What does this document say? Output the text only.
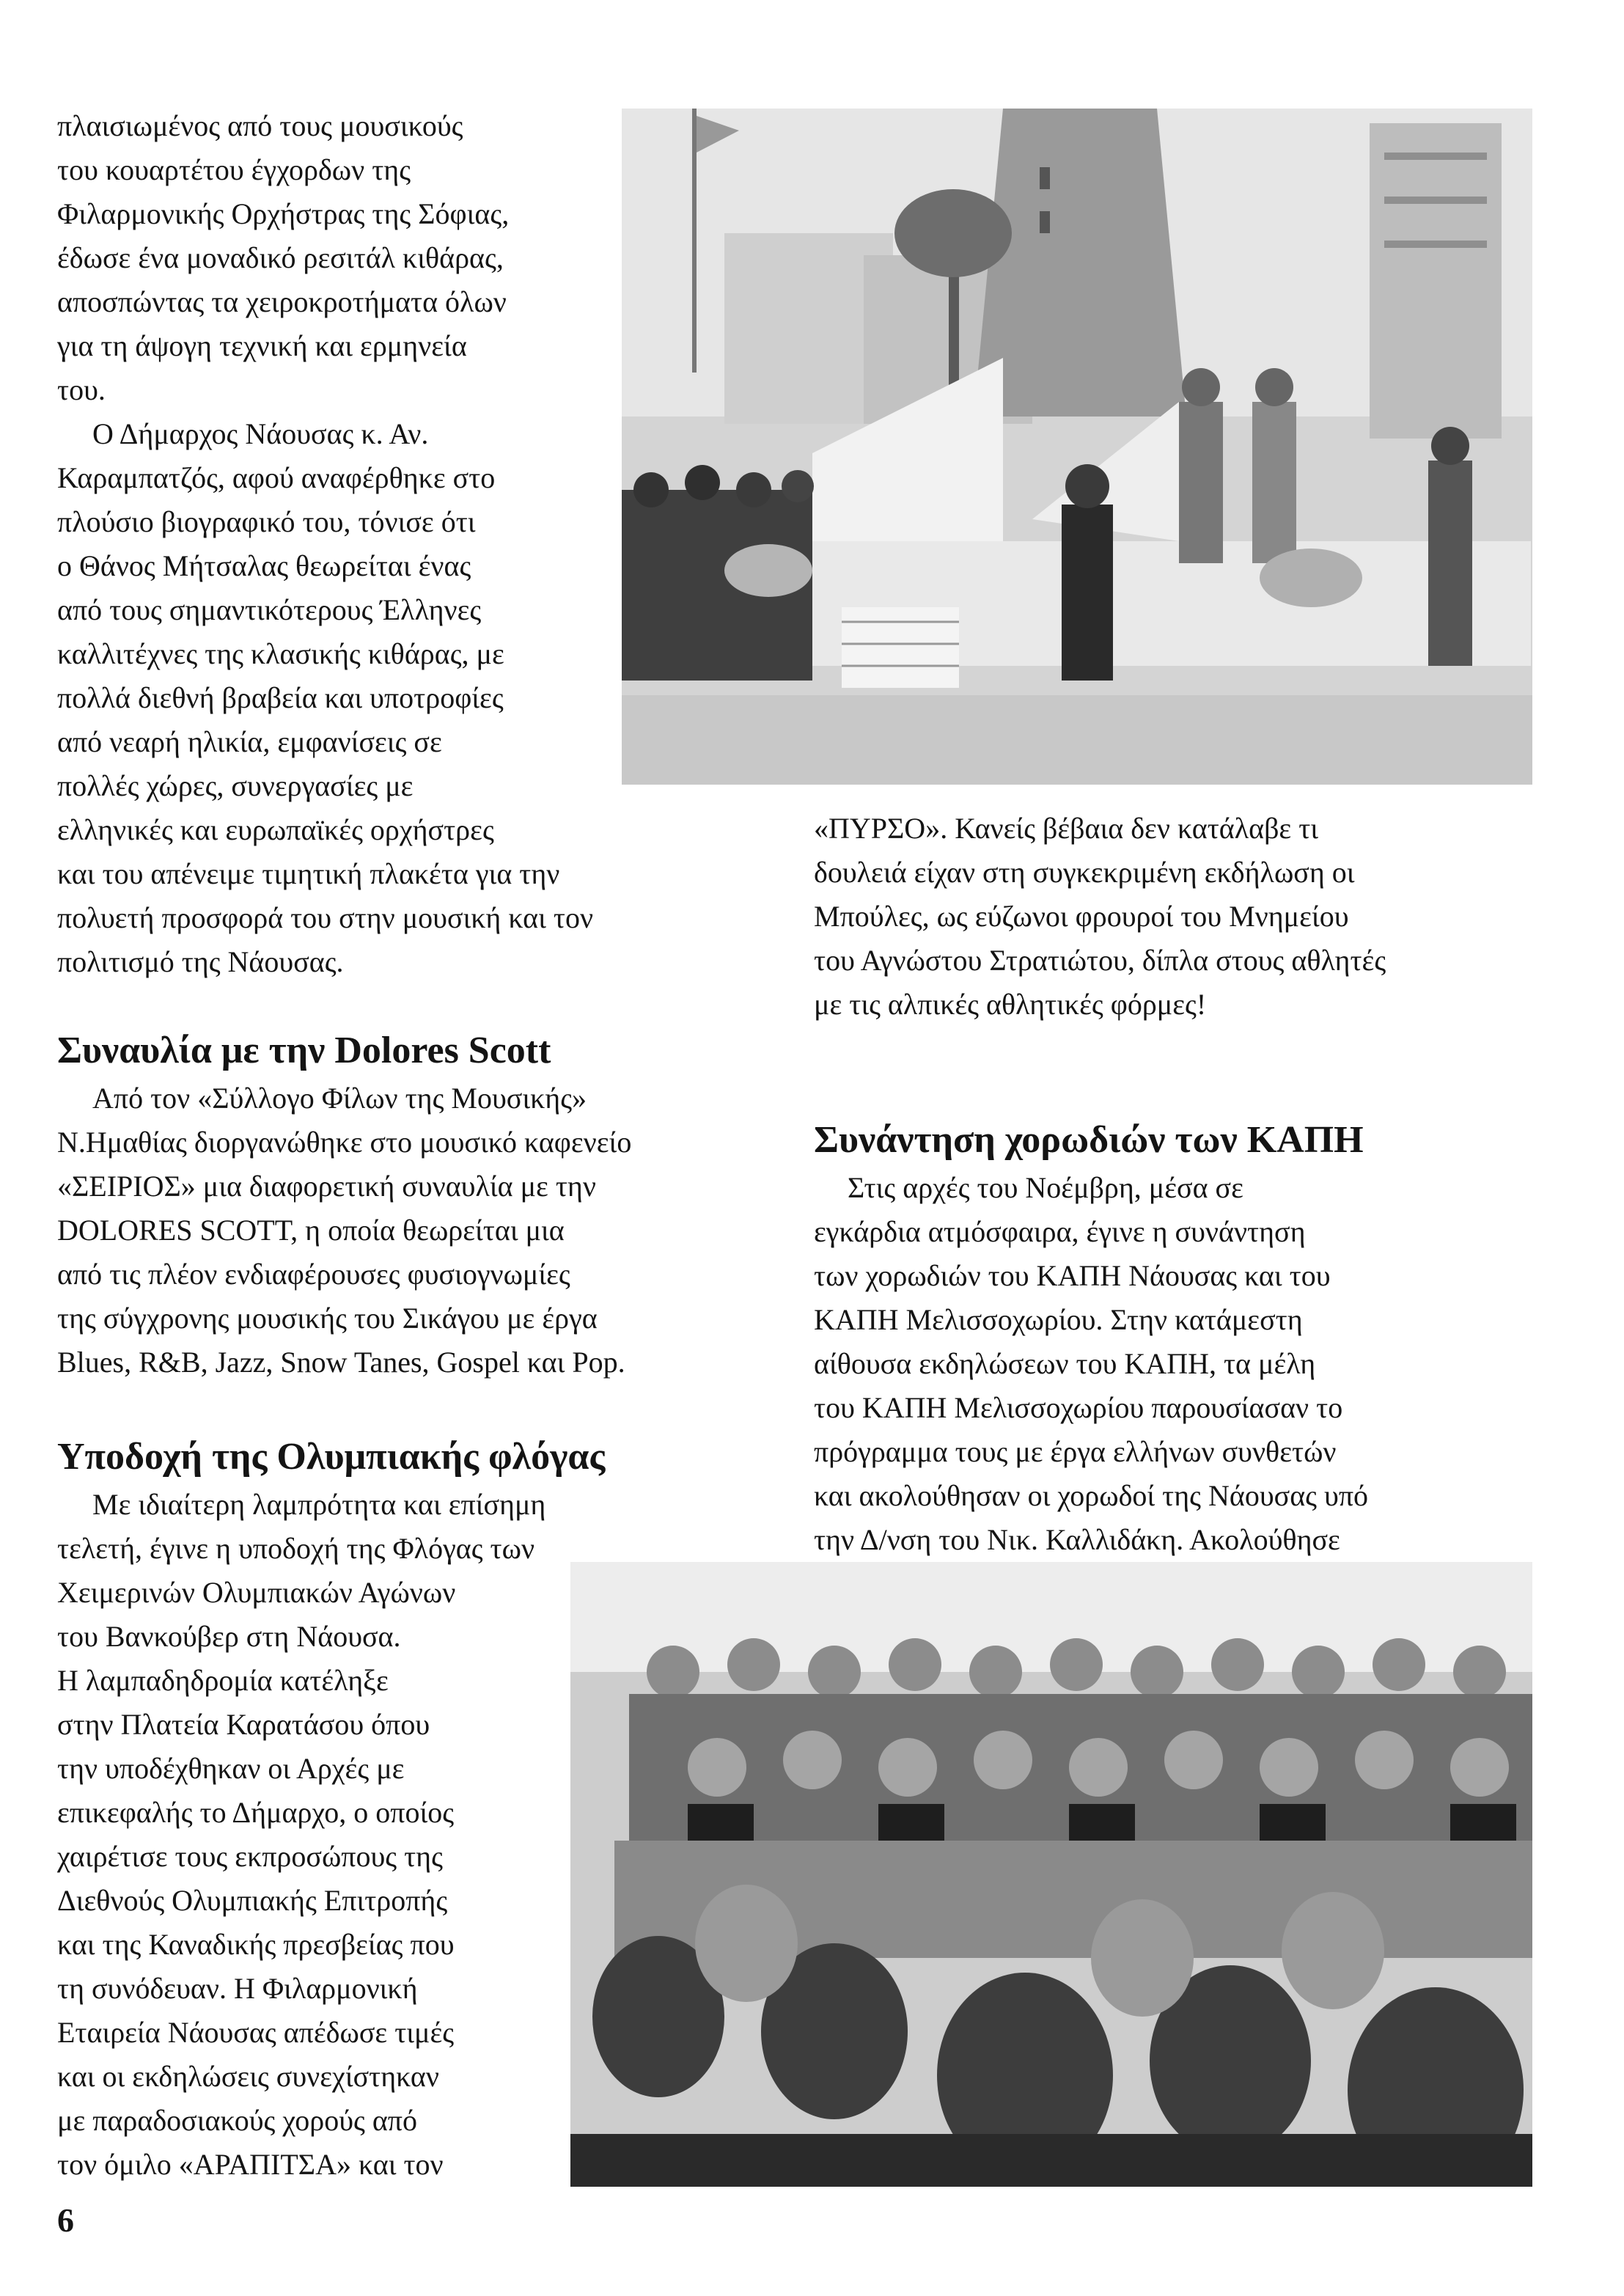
πλαισιωμένος από τους μουσικούς
του κουαρτέτου έγχορδων της
Φιλαρμονικής Ορχήστρας της Σόφιας,
έδωσε ένα μοναδικό ρεσιτάλ κιθάρας,
αποσπώντας τα χειροκροτήματα όλων
για τη άψογη τεχνική και ερμηνεία
του.
Ο Δήμαρχος Νάουσας κ. Αν.
Καραμπατζός, αφού αναφέρθηκε στο
πλούσιο βιογραφικό του, τόνισε ότι
ο Θάνος Μήτσαλας θεωρείται ένας
από τους σημαντικότερους Έλληνες
καλλιτέχνες της κλασικής κιθάρας, με
πολλά διεθνή βραβεία και υποτροφίες
από νεαρή ηλικία, εμφανίσεις σε
πολλές χώρες, συνεργασίες με
ελληνικές και ευρωπαϊκές ορχήστρες
και του απένειμε τιμητική πλακέτα για την
πολυετή προσφορά του στην μουσική και τον
πολιτισμό της Νάουσας.
Συναυλία με την Dolores Scott
Από τον «Σύλλογο Φίλων της Μουσικής»
Ν.Ημαθίας διοργανώθηκε στο μουσικό καφενείο
«ΣΕΙΡΙΟΣ» μια διαφορετική συναυλία με την
DOLORES SCOTT, η οποία θεωρείται μια
από τις πλέον ενδιαφέρουσες φυσιογνωμίες
της σύγχρονης μουσικής του Σικάγου με έργα
Blues, R&B, Jazz, Snow Tanes, Gospel και Pop.
Υποδοχή της Ολυμπιακής φλόγας
Με ιδιαίτερη λαμπρότητα και επίσημη
τελετή, έγινε η υποδοχή της Φλόγας των
Χειμερινών Ολυμπιακών Αγώνων
του Βανκούβερ στη Νάουσα.
Η λαμπαδηδρομία κατέληξε
στην Πλατεία Καρατάσου όπου
την υποδέχθηκαν οι Αρχές με
επικεφαλής το Δήμαρχο, ο οποίος
χαιρέτισε τους εκπροσώπους της
Διεθνούς Ολυμπιακής Επιτροπής
και της Καναδικής πρεσβείας που
τη συνόδευαν. Η Φιλαρμονική
Εταιρεία Νάουσας απέδωσε τιμές
και οι εκδηλώσεις συνεχίστηκαν
με παραδοσιακούς χορούς από
τον όμιλο «ΑΡΑΠΙΤΣΑ» και τον
«ΠΥΡΣΟ». Κανείς βέβαια δεν κατάλαβε τι
δουλειά είχαν στη συγκεκριμένη εκδήλωση οι
Μπούλες, ως εύζωνοι φρουροί του Μνημείου
του Αγνώστου Στρατιώτου, δίπλα στους αθλητές
με τις αλπικές αθλητικές φόρμες!
Συνάντηση χορωδιών των ΚΑΠΗ
Στις αρχές του Νοέμβρη, μέσα σε
εγκάρδια ατμόσφαιρα, έγινε η συνάντηση
των χορωδιών του ΚΑΠΗ Νάουσας και του
ΚΑΠΗ Μελισσοχωρίου. Στην κατάμεστη
αίθουσα εκδηλώσεων του ΚΑΠΗ, τα μέλη
του ΚΑΠΗ Μελισσοχωρίου παρουσίασαν το
πρόγραμμα τους με έργα ελλήνων συνθετών
και ακολούθησαν οι χορωδοί της Νάουσας υπό
την Δ/νση του Νικ. Καλλιδάκη. Ακολούθησε
6
